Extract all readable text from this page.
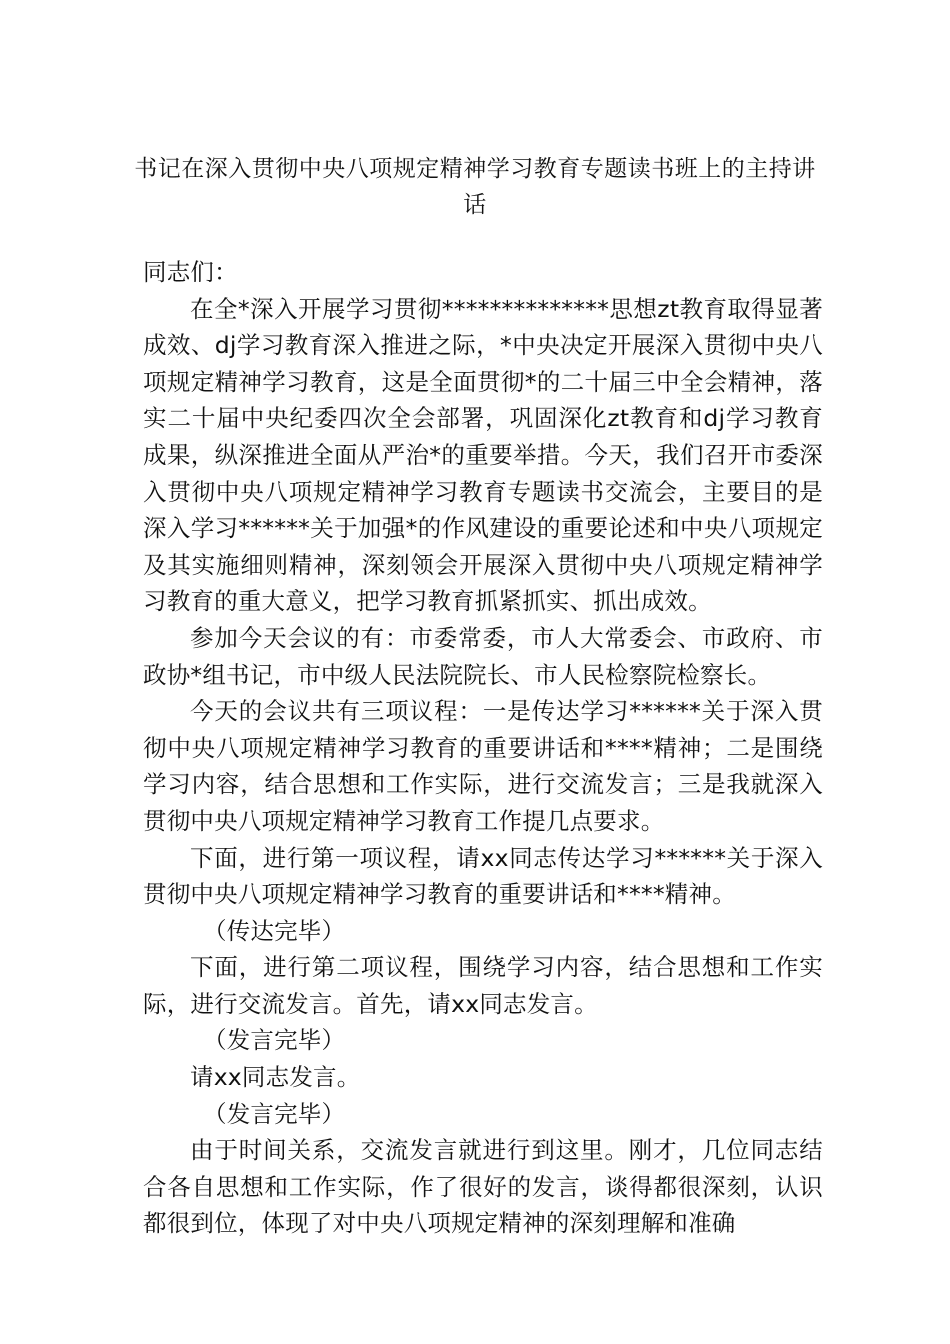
书记在深入贯彻中央八项规定精神学习教育专题读书班上的主持讲话

同志们：

在全*深入开展学习贯彻**************思想zt教育取得显著成效、dj学习教育深入推进之际，*中央决定开展深入贯彻中央八项规定精神学习教育，这是全面贯彻*的二十届三中全会精神，落实二十届中央纪委四次全会部署，巩固深化zt教育和dj学习教育成果，纵深推进全面从严治*的重要举措。今天，我们召开市委深入贯彻中央八项规定精神学习教育专题读书交流会，主要目的是深入学习******关于加强*的作风建设的重要论述和中央八项规定及其实施细则精神，深刻领会开展深入贯彻中央八项规定精神学习教育的重大意义，把学习教育抓紧抓实、抓出成效。

参加今天会议的有：市委常委，市人大常委会、市政府、市政协*组书记，市中级人民法院院长、市人民检察院检察长。

今天的会议共有三项议程：一是传达学习******关于深入贯彻中央八项规定精神学习教育的重要讲话和****精神；二是围绕学习内容，结合思想和工作实际，进行交流发言；三是我就深入贯彻中央八项规定精神学习教育工作提几点要求。

下面，进行第一项议程，请xx同志传达学习******关于深入贯彻中央八项规定精神学习教育的重要讲话和****精神。

（传达完毕）

下面，进行第二项议程，围绕学习内容，结合思想和工作实际，进行交流发言。首先，请xx同志发言。

（发言完毕）

请xx同志发言。

（发言完毕）

由于时间关系，交流发言就进行到这里。刚才，几位同志结合各自思想和工作实际，作了很好的发言，谈得都很深刻，认识都很到位，体现了对中央八项规定精神的深刻理解和准确
